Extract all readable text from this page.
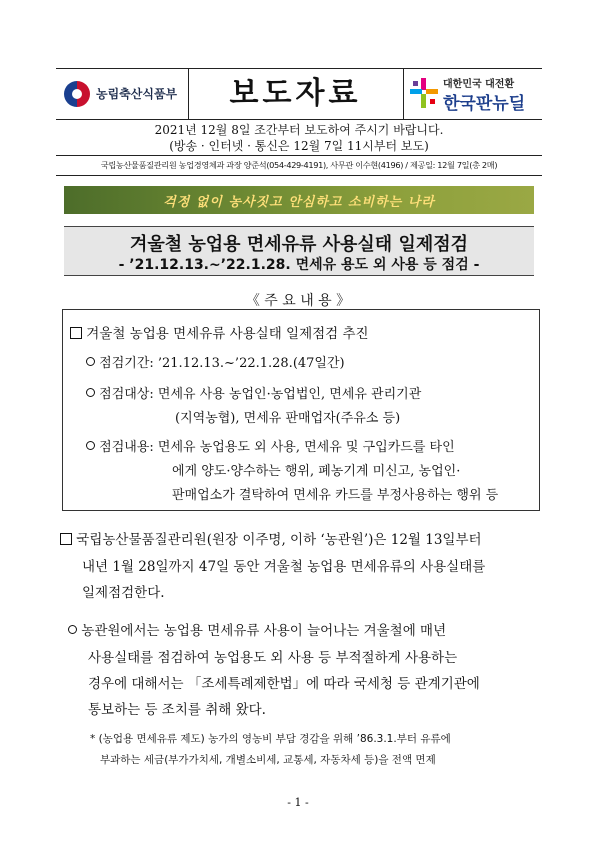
농림축산식품부	보도자료	대한민국 대전환
한국판뉴딜
2021년 12월 8일 조간부터 보도하여 주시기 바랍니다.
(방송 · 인터넷 · 통신은 12월 7일 11시부터 보도)
국립농산물품질관리원 농업경영체과 과장 양준석(054-429-4191), 사무관 이수현(4196) / 제공일: 12월 7일(총 2매)
걱정 없이 농사짓고 안심하고 소비하는 나라
겨울철 농업용 면세유류 사용실태 일제점검
- ’21.12.13.~’22.1.28. 면세유 용도 외 사용 등 점검 -
《 주 요 내 용 》
겨울철 농업용 면세유류 사용실태 일제점검 추진
점검기간: ’21.12.13.~’22.1.28.(47일간)
점검대상: 면세유 사용 농업인·농업법인, 면세유 관리기관
(지역농협), 면세유 판매업자(주유소 등)
점검내용: 면세유 농업용도 외 사용, 면세유 및 구입카드를 타인
에게 양도·양수하는 행위, 폐농기계 미신고, 농업인·
판매업소가 결탁하여 면세유 카드를 부정사용하는 행위 등
국립농산물품질관리원(원장 이주명, 이하 ‘농관원’)은 12월 13일부터
내년 1월 28일까지 47일 동안 겨울철 농업용 면세유류의 사용실태를
일제점검한다.
농관원에서는 농업용 면세유류 사용이 늘어나는 겨울철에 매년
사용실태를 점검하여 농업용도 외 사용 등 부적절하게 사용하는
경우에 대해서는 「조세특례제한법」에 따라 국세청 등 관계기관에
통보하는 등 조치를 취해 왔다.
* (농업용 면세유류 제도) 농가의 영농비 부담 경감을 위해 ’86.3.1.부터 유류에
부과하는 세금(부가가치세, 개별소비세, 교통세, 자동차세 등)을 전액 면제
- 1 -
